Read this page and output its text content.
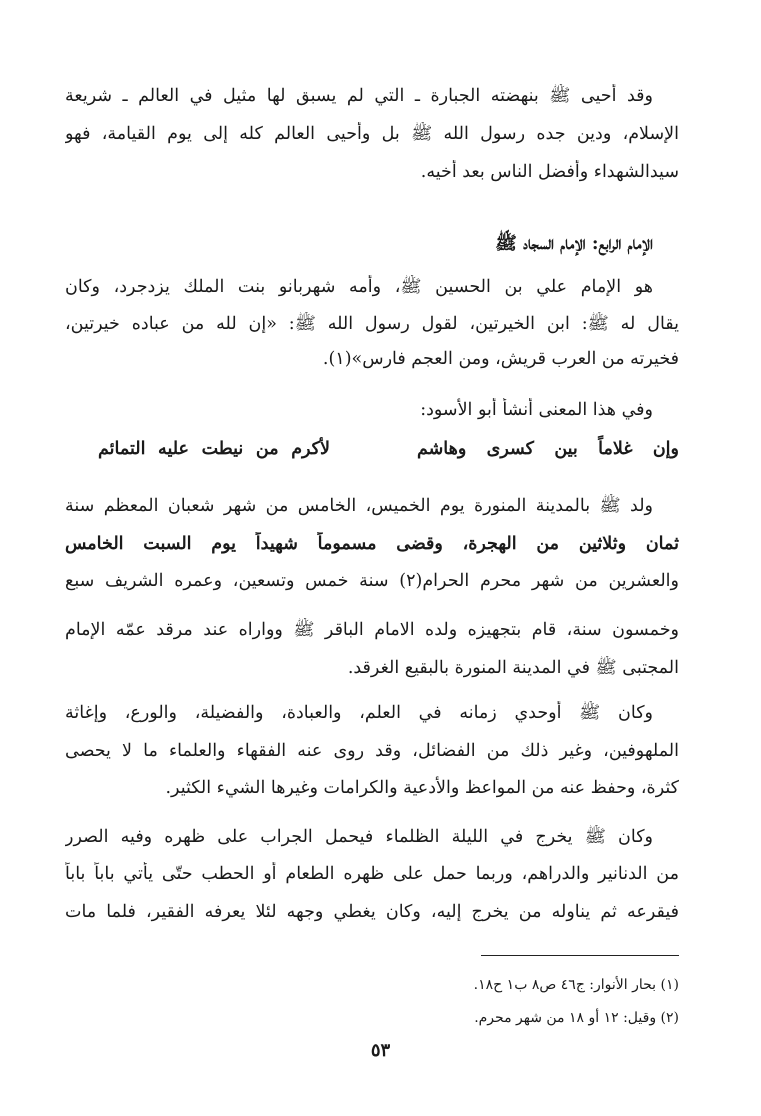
وقد أحيى ﷺ بنهضته الجبارة ـ التي لم يسبق لها مثيل في العالم ـ شريعة
الإسلام، ودين جده رسول الله ﷺ بل وأحيى العالم كله إلى يوم القيامة، فهو
سيدالشهداء وأفضل الناس بعد أخيه.
الإمام الرابع: الإمام السجاد ﷺ
هو الإمام علي بن الحسين ﷺ، وأمه شهربانو بنت الملك يزدجرد، وكان
يقال له ﷺ: ابن الخيرتين، لقول رسول الله ﷺ: «إن لله من عباده خيرتين،
فخيرته من العرب قريش، ومن العجم فارس»(١).
وفي هذا المعنى أنشأ أبو الأسود:
وإن غلاماً بين كسرى وهاشم
لأكرم من نيطت عليه التمائم
ولد ﷺ بالمدينة المنورة يوم الخميس، الخامس من شهر شعبان المعظم سنة
ثمان وثلاثين من الهجرة، وقضى مسموماً شهيداً يوم السبت الخامس
والعشرين من شهر محرم الحرام(٢) سنة خمس وتسعين، وعمره الشريف سبع
وخمسون سنة، قام بتجهيزه ولده الامام الباقر ﷺ وواراه عند مرقد عمّه الإمام
المجتبى ﷺ في المدينة المنورة بالبقيع الغرقد.
وكان ﷺ أوحدي زمانه في العلم، والعبادة، والفضيلة، والورع، وإغاثة
الملهوفين، وغير ذلك من الفضائل، وقد روى عنه الفقهاء والعلماء ما لا يحصى
كثرة، وحفظ عنه من المواعظ والأدعية والكرامات وغيرها الشيء الكثير.
وكان ﷺ يخرج في الليلة الظلماء فيحمل الجراب على ظهره وفيه الصرر
من الدنانير والدراهم، وربما حمل على ظهره الطعام أو الحطب حتّى يأتي باباً باباً
فيقرعه ثم يناوله من يخرج إليه، وكان يغطي وجهه لئلا يعرفه الفقير، فلما مات
(١) بحار الأنوار: ج٤٦ ص٨ ب١ ح١٨.
(٢) وقيل: ١٢ أو ١٨ من شهر محرم.
٥٣
